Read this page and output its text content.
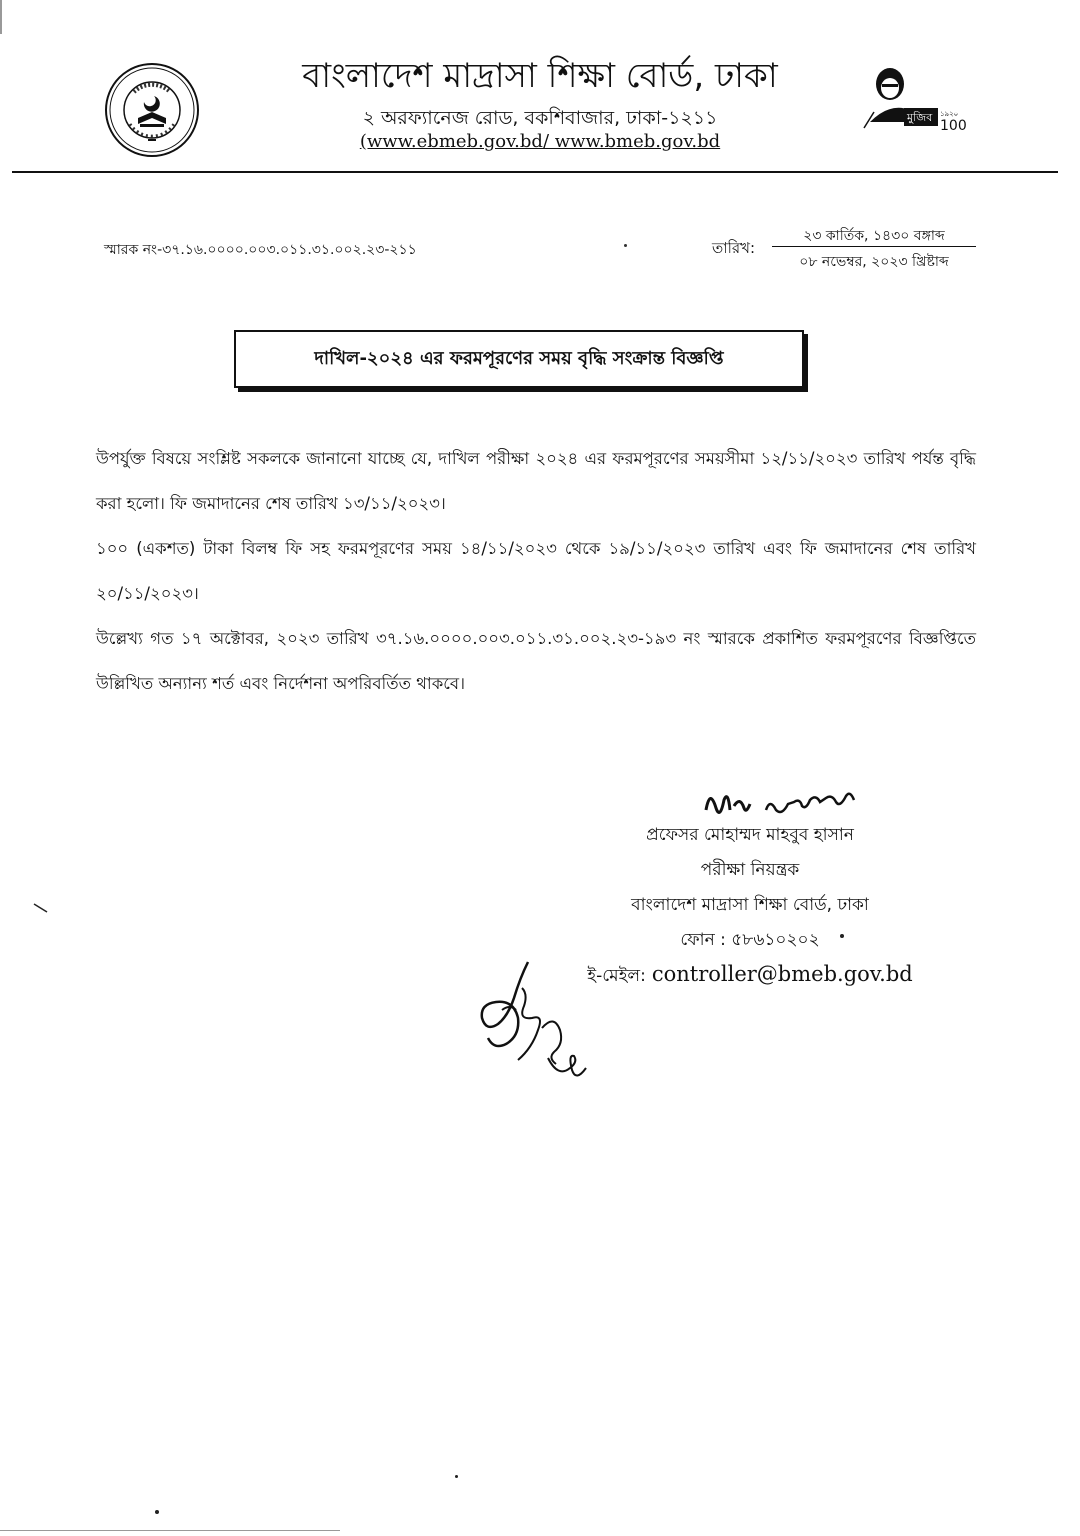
মুজিব ১৯২০
100
বাংলাদেশ মাদ্রাসা শিক্ষা বোর্ড, ঢাকা
২ অরফ্যানেজ রোড, বকশিবাজার, ঢাকা-১২১১
(www.ebmeb.gov.bd/ www.bmeb.gov.bd
স্মারক নং-৩৭.১৬.০০০০.০০৩.০১১.৩১.০০২.২৩-২১১	তারিখ:
২৩ কার্তিক, ১৪৩০ বঙ্গাব্দ
০৮ নভেম্বর, ২০২৩ খ্রিষ্টাব্দ
দাখিল-২০২৪ এর ফরমপূরণের সময় বৃদ্ধি সংক্রান্ত বিজ্ঞপ্তি
উপর্যুক্ত বিষয়ে সংশ্লিষ্ট সকলকে জানানো যাচ্ছে যে, দাখিল পরীক্ষা ২০২৪ এর ফরমপূরণের সময়সীমা ১২/১১/২০২৩ তারিখ পর্যন্ত বৃদ্ধি করা হলো। ফি জমাদানের শেষ তারিখ ১৩/১১/২০২৩।
১০০ (একশত) টাকা বিলম্ব ফি সহ ফরমপূরণের সময় ১৪/১১/২০২৩ থেকে ১৯/১১/২০২৩ তারিখ এবং ফি জমাদানের শেষ তারিখ ২০/১১/২০২৩।
উল্লেখ্য গত ১৭ অক্টোবর, ২০২৩ তারিখ ৩৭.১৬.০০০০.০০৩.০১১.৩১.০০২.২৩-১৯৩ নং স্মারকে প্রকাশিত ফরমপূরণের বিজ্ঞপ্তিতে উল্লিখিত অন্যান্য শর্ত এবং নির্দেশনা অপরিবর্তিত থাকবে।
প্রফেসর মোহাম্মদ মাহবুব হাসান
পরীক্ষা নিয়ন্ত্রক
বাংলাদেশ মাদ্রাসা শিক্ষা বোর্ড, ঢাকা
ফোন : ৫৮৬১০২০২
ই-মেইল: controller@bmeb.gov.bd
